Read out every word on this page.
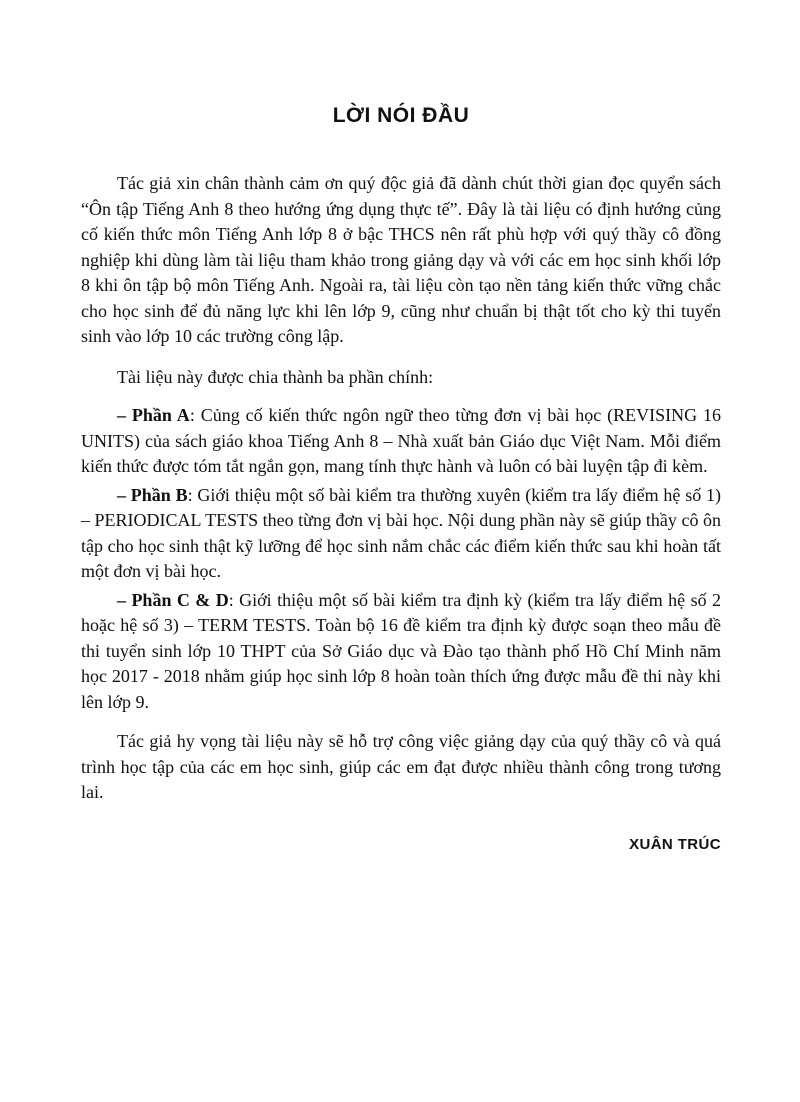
LỜI NÓI ĐẦU

Tác giả xin chân thành cảm ơn quý độc giả đã dành chút thời gian đọc quyển sách “Ôn tập Tiếng Anh 8 theo hướng ứng dụng thực tế”. Đây là tài liệu có định hướng củng cố kiến thức môn Tiếng Anh lớp 8 ở bậc THCS nên rất phù hợp với quý thầy cô đồng nghiệp khi dùng làm tài liệu tham khảo trong giảng dạy và với các em học sinh khối lớp 8 khi ôn tập bộ môn Tiếng Anh. Ngoài ra, tài liệu còn tạo nền tảng kiến thức vững chắc cho học sinh để đủ năng lực khi lên lớp 9, cũng như chuẩn bị thật tốt cho kỳ thi tuyển sinh vào lớp 10 các trường công lập.

Tài liệu này được chia thành ba phần chính:

– Phần A: Củng cố kiến thức ngôn ngữ theo từng đơn vị bài học (REVISING 16 UNITS) của sách giáo khoa Tiếng Anh 8 – Nhà xuất bản Giáo dục Việt Nam. Mỗi điểm kiến thức được tóm tắt ngắn gọn, mang tính thực hành và luôn có bài luyện tập đi kèm.

– Phần B: Giới thiệu một số bài kiểm tra thường xuyên (kiểm tra lấy điểm hệ số 1) – PERIODICAL TESTS theo từng đơn vị bài học. Nội dung phần này sẽ giúp thầy cô ôn tập cho học sinh thật kỹ lưỡng để học sinh nắm chắc các điểm kiến thức sau khi hoàn tất một đơn vị bài học.

– Phần C & D: Giới thiệu một số bài kiểm tra định kỳ (kiểm tra lấy điểm hệ số 2 hoặc hệ số 3) – TERM TESTS. Toàn bộ 16 đề kiểm tra định kỳ được soạn theo mẫu đề thi tuyển sinh lớp 10 THPT của Sở Giáo dục và Đào tạo thành phố Hồ Chí Minh năm học 2017 - 2018 nhằm giúp học sinh lớp 8 hoàn toàn thích ứng được mẫu đề thi này khi lên lớp 9.

Tác giả hy vọng tài liệu này sẽ hỗ trợ công việc giảng dạy của quý thầy cô và quá trình học tập của các em học sinh, giúp các em đạt được nhiều thành công trong tương lai.

XUÂN TRÚC
